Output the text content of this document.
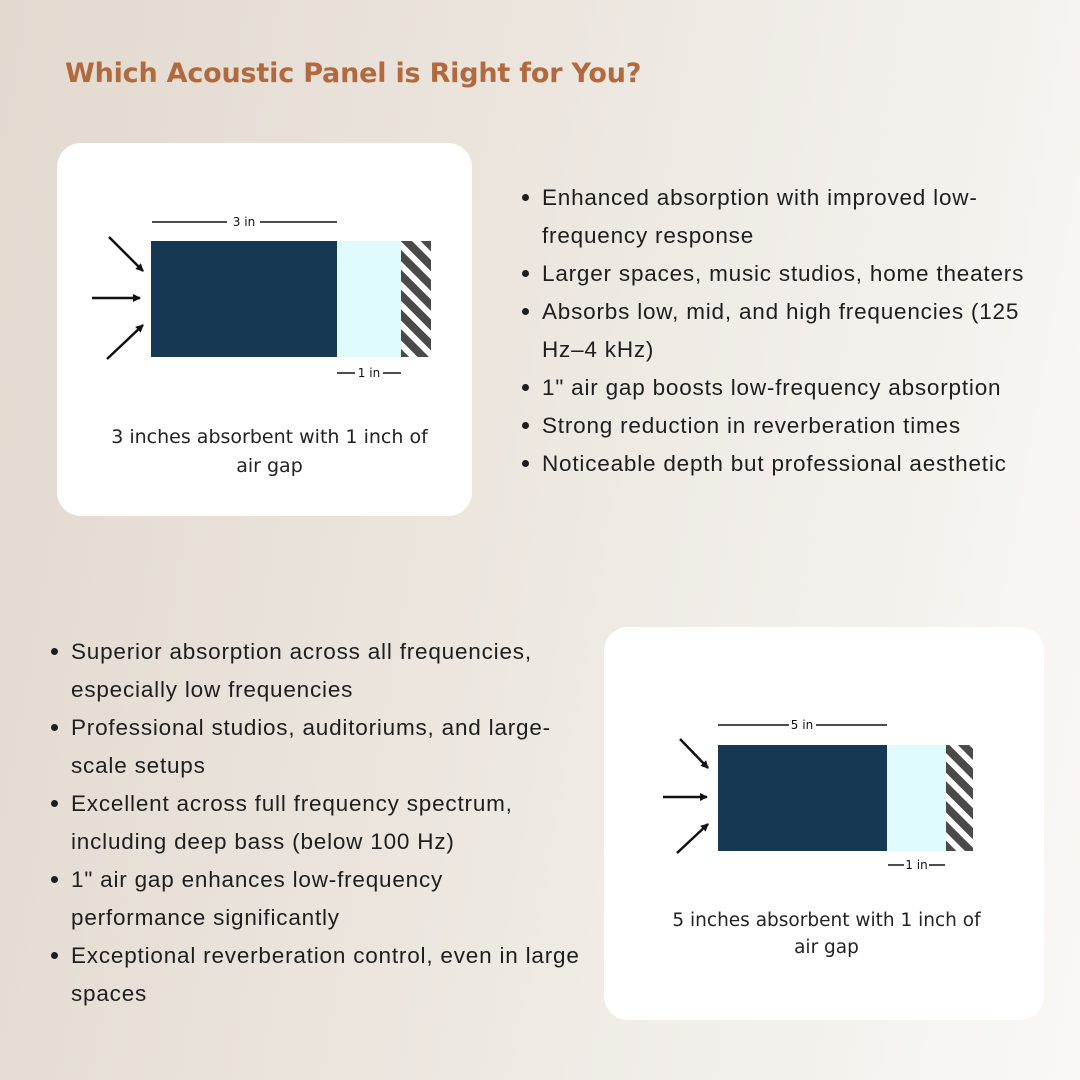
Which Acoustic Panel is Right for You?
3 in
1 in

3 inches absorbent with 1 inch of air gap

Enhanced absorption with improved low-frequency response
Larger spaces, music studios, home theaters
Absorbs low, mid, and high frequencies (125 Hz–4 kHz)
1" air gap boosts low-frequency absorption
Strong reduction in reverberation times
Noticeable depth but professional aesthetic
5 in
1 in

5 inches absorbent with 1 inch of air gap

Superior absorption across all frequencies, especially low frequencies
Professional studios, auditoriums, and large-scale setups
Excellent across full frequency spectrum, including deep bass (below 100 Hz)
1" air gap enhances low-frequency performance significantly
Exceptional reverberation control, even in large spaces
